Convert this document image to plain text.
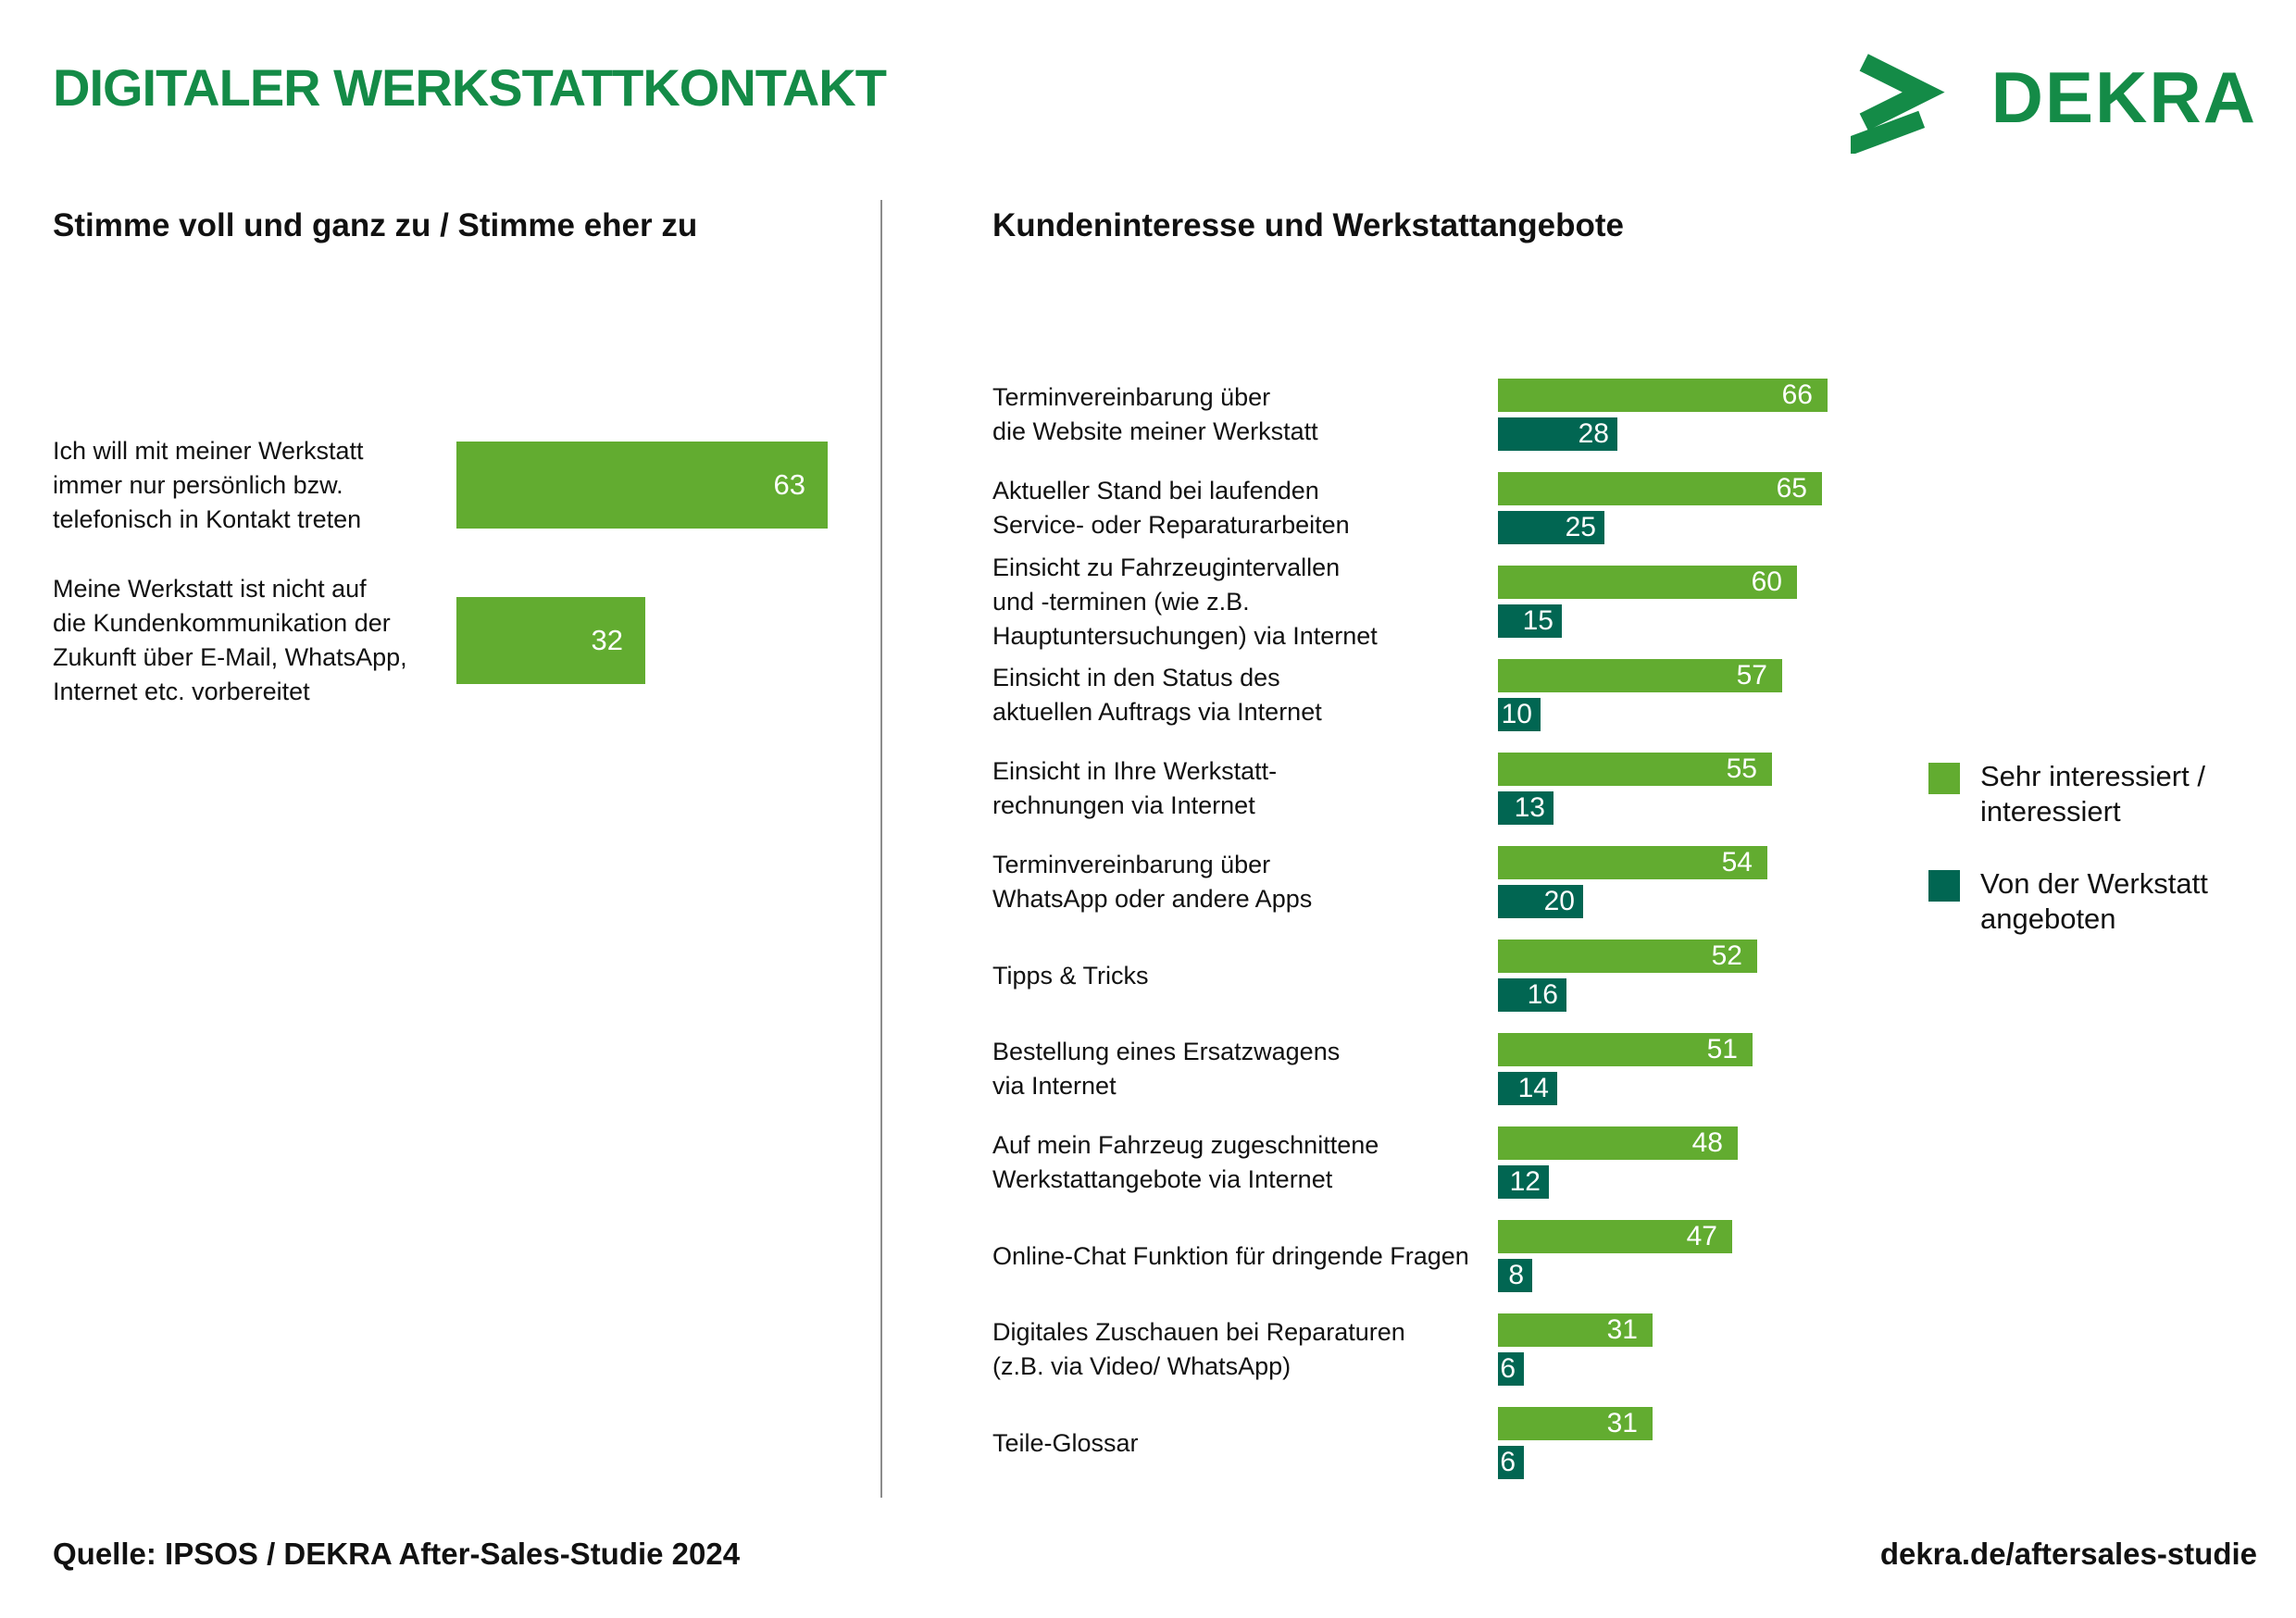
DIGITALER WERKSTATTKONTAKT	DEKRA
Stimme voll und ganz zu / Stimme eher zu	Kundeninteresse und Werkstattangebote
Ich will mit meiner Werkstatt
immer nur persönlich bzw.
telefonisch in Kontakt treten
63
Meine Werkstatt ist nicht auf
die Kundenkommunikation der
Zukunft über E-Mail, WhatsApp,
Internet etc. vorbereitet
32
Terminvereinbarung über
die Website meiner Werkstatt
66
28
Aktueller Stand bei laufenden
Service- oder Reparaturarbeiten
65
25
Einsicht zu Fahrzeugintervallen
und -terminen (wie z.B.
Hauptuntersuchungen) via Internet
60
15
Einsicht in den Status des
aktuellen Auftrags via Internet
57
10
Einsicht in Ihre Werkstatt-
rechnungen via Internet
55
13
Terminvereinbarung über
WhatsApp oder andere Apps
54
20
Tipps & Tricks
52
16
Bestellung eines Ersatzwagens
via Internet
51
14
Auf mein Fahrzeug zugeschnittene
Werkstattangebote via Internet
48
12
Online-Chat Funktion für dringende Fragen
47
8
Digitales Zuschauen bei Reparaturen
(z.B. via Video/ WhatsApp)
31
6
Teile-Glossar
31
6
Sehr interessiert /
interessiert
Von der Werkstatt
angeboten
Quelle: IPSOS / DEKRA After-Sales-Studie 2024	dekra.de/aftersales-studie
